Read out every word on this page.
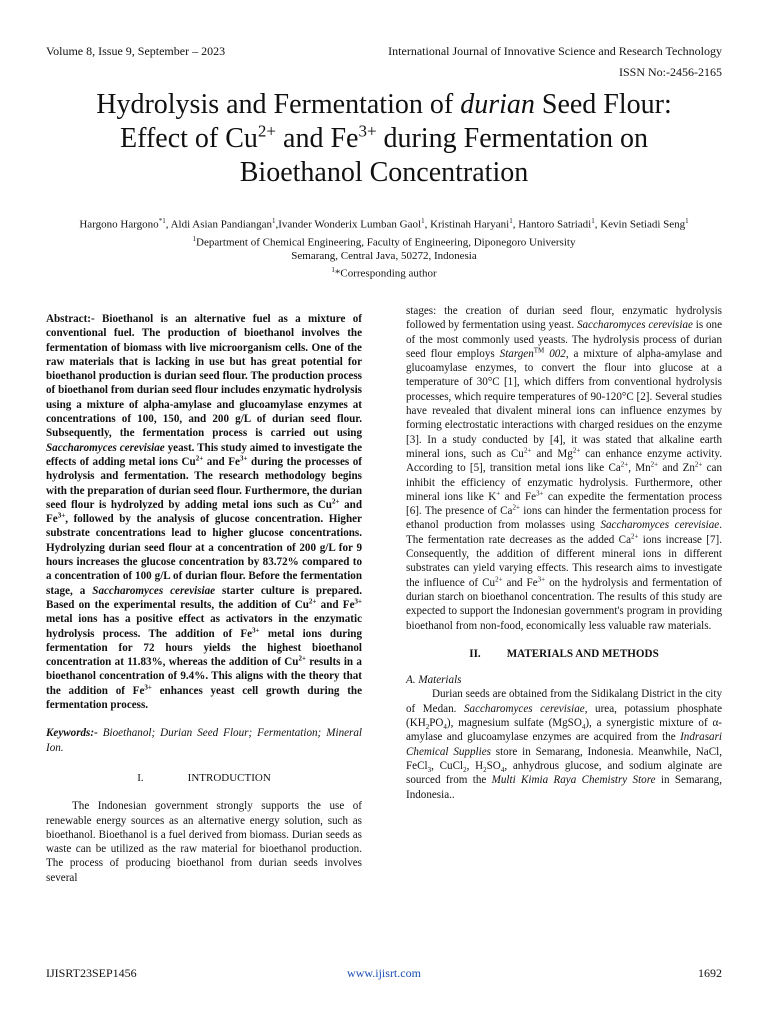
Volume 8, Issue 9, September – 2023	International Journal of Innovative Science and Research Technology
ISSN No:-2456-2165
Hydrolysis and Fermentation of durian Seed Flour:
Effect of $Cu^{2+}$ and $Fe^{3+}$ during Fermentation on
Bioethanol Concentration
Hargono Hargono$^{*1}$, Aldi Asian Pandiangan$^1$,Ivander Wonderix Lumban Gaol$^1$, Kristinah Haryani$^1$, Hantoro Satriadi$^1$, Kevin Setiadi Seng$^1$
$^1$Department of Chemical Engineering, Faculty of Engineering, Diponegoro University
Semarang, Central Java, 50272, Indonesia
$^1$*Corresponding author

Abstract:- Bioethanol is an alternative fuel as a mixture of conventional fuel. The production of bioethanol involves the fermentation of biomass with live microorganism cells. One of the raw materials that is lacking in use but has great potential for bioethanol production is durian seed flour. The production process of bioethanol from durian seed flour includes enzymatic hydrolysis using a mixture of alpha-amylase and glucoamylase enzymes at concentrations of 100, 150, and 200 g/L of durian seed flour. Subsequently, the fermentation process is carried out using Saccharomyces cerevisiae yeast. This study aimed to investigate the effects of adding metal ions $Cu^{2+}$ and $Fe^{3+}$ during the processes of hydrolysis and fermentation. The research methodology begins with the preparation of durian seed flour. Furthermore, the durian seed flour is hydrolyzed by adding metal ions such as $Cu^{2+}$ and $Fe^{3+}$, followed by the analysis of glucose concentration. Higher substrate concentrations lead to higher glucose concentrations. Hydrolyzing durian seed flour at a concentration of 200 g/L for 9 hours increases the glucose concentration by 83.72% compared to a concentration of 100 g/L of durian flour. Before the fermentation stage, a Saccharomyces cerevisiae starter culture is prepared. Based on the experimental results, the addition of $Cu^{2+}$ and $Fe^{3+}$ metal ions has a positive effect as activators in the enzymatic hydrolysis process. The addition of $Fe^{3+}$ metal ions during fermentation for 72 hours yields the highest bioethanol concentration at 11.83%, whereas the addition of $Cu^{2+}$ results in a bioethanol concentration of 9.4%. This aligns with the theory that the addition of $Fe^{3+}$ enhances yeast cell growth during the fermentation process.

Keywords:- Bioethanol; Durian Seed Flour; Fermentation; Mineral Ion.

I.	INTRODUCTION

The Indonesian government strongly supports the use of renewable energy sources as an alternative energy solution, such as bioethanol. Bioethanol is a fuel derived from biomass. Durian seeds as waste can be utilized as the raw material for bioethanol production. The process of producing bioethanol from durian seeds involves several

stages: the creation of durian seed flour, enzymatic hydrolysis followed by fermentation using yeast. Saccharomyces cerevisiae is one of the most commonly used yeasts. The hydrolysis process of durian seed flour employs Stargen™ 002, a mixture of alpha-amylase and glucoamylase enzymes, to convert the flour into glucose at a temperature of 30°C [1], which differs from conventional hydrolysis processes, which require temperatures of 90-120°C [2]. Several studies have revealed that divalent mineral ions can influence enzymes by forming electrostatic interactions with charged residues on the enzyme [3]. In a study conducted by [4], it was stated that alkaline earth mineral ions, such as $Cu^{2+}$ and $Mg^{2+}$ can enhance enzyme activity. According to [5], transition metal ions like $Ca^{2+}$, $Mn^{2+}$ and $Zn^{2+}$ can inhibit the efficiency of enzymatic hydrolysis. Furthermore, other mineral ions like K+ and $Fe^{3+}$ can expedite the fermentation process [6]. The presence of $Ca^{2+}$ ions can hinder the fermentation process for ethanol production from molasses using Saccharomyces cerevisiae. The fermentation rate decreases as the added $Ca^{2+}$ ions increase [7]. Consequently, the addition of different mineral ions in different substrates can yield varying effects. This research aims to investigate the influence of $Cu^{2+}$ and $Fe^{3+}$ on the hydrolysis and fermentation of durian starch on bioethanol concentration. The results of this study are expected to support the Indonesian government's program in providing bioethanol from non-food, economically less valuable raw materials.

II. MATERIALS AND METHODS

A. Materials

Durian seeds are obtained from the Sidikalang District in the city of Medan. Saccharomyces cerevisiae, urea, potassium phosphate $(KH_2PO_4)$, magnesium sulfate (MgSO$_4$), a synergistic mixture of α-amylase and glucoamylase enzymes are acquired from the Indrasari Chemical Supplies store in Semarang, Indonesia. Meanwhile, NaCl, FeCl$_3$, CuCl$_2$, $H_2SO_4$, anhydrous glucose, and sodium alginate are sourced from the Multi Kimia Raya Chemistry Store in Semarang, Indonesia..

IJISRT23SEP1456	www.ijisrt.com	1692
